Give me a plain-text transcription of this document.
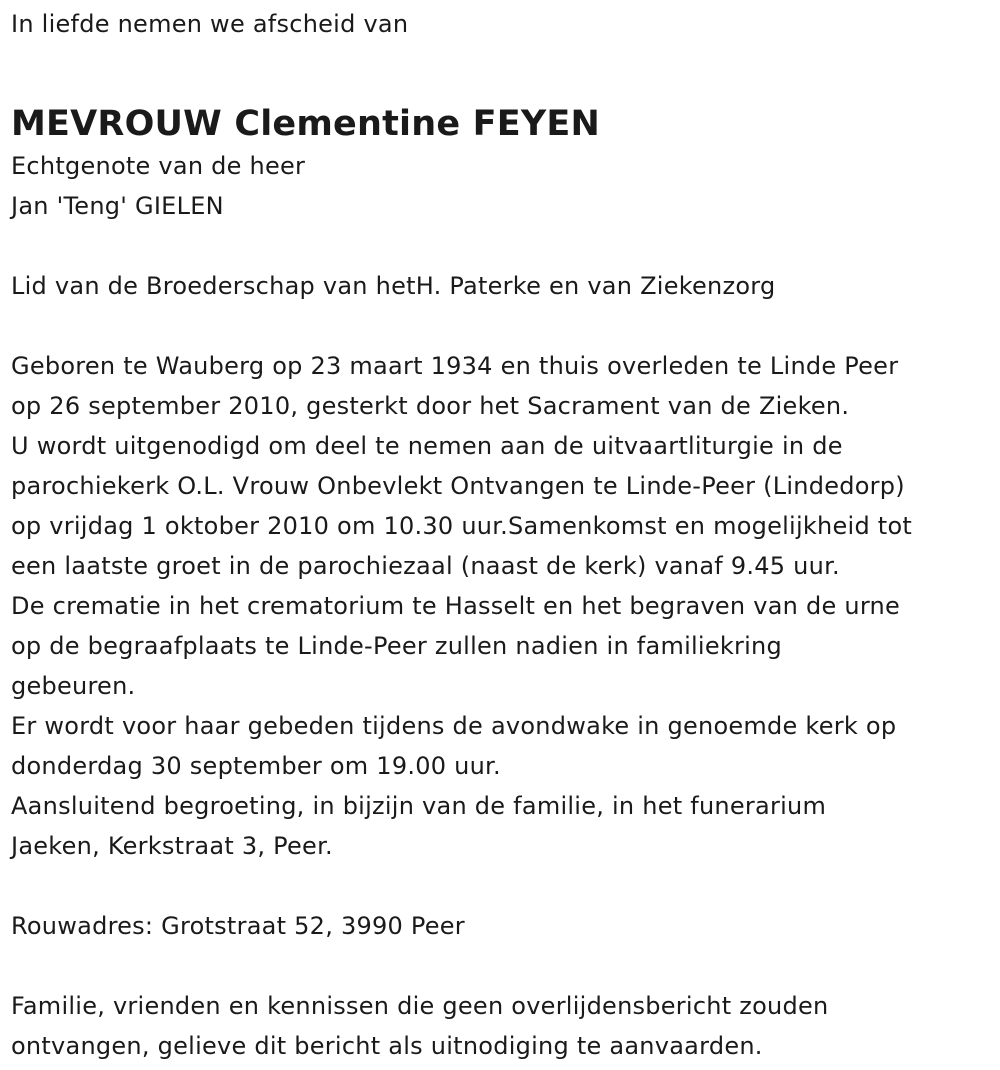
In liefde nemen we afscheid van
MEVROUW Clementine FEYEN
Echtgenote van de heer
Jan 'Teng' GIELEN
Lid van de Broederschap van hetH. Paterke en van Ziekenzorg
Geboren te Wauberg op 23 maart 1934 en thuis overleden te Linde Peer
op 26 september 2010, gesterkt door het Sacrament van de Zieken.
U wordt uitgenodigd om deel te nemen aan de uitvaartliturgie in de
parochiekerk O.L. Vrouw Onbevlekt Ontvangen te Linde-Peer (Lindedorp)
op vrijdag 1 oktober 2010 om 10.30 uur.Samenkomst en mogelijkheid tot
een laatste groet in de parochiezaal (naast de kerk) vanaf 9.45 uur.
De crematie in het crematorium te Hasselt en het begraven van de urne
op de begraafplaats te Linde-Peer zullen nadien in familiekring
gebeuren.
Er wordt voor haar gebeden tijdens de avondwake in genoemde kerk op
donderdag 30 september om 19.00 uur.
Aansluitend begroeting, in bijzijn van de familie, in het funerarium
Jaeken, Kerkstraat 3, Peer.
Rouwadres: Grotstraat 52, 3990 Peer
Familie, vrienden en kennissen die geen overlijdensbericht zouden
ontvangen, gelieve dit bericht als uitnodiging te aanvaarden.
